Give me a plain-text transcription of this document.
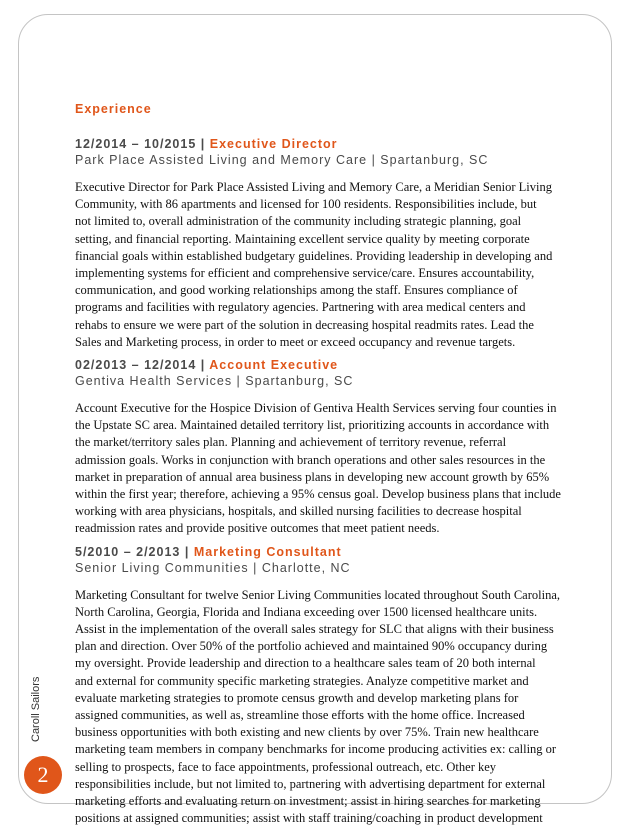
Experience
12/2014 – 10/2015 | Executive Director
Park Place Assisted Living and Memory Care | Spartanburg, SC

Executive Director for Park Place Assisted Living and Memory Care, a Meridian Senior Living
Community, with 86 apartments and licensed for 100 residents. Responsibilities include, but
not limited to, overall administration of the community including strategic planning, goal
setting, and financial reporting. Maintaining excellent service quality by meeting corporate
financial goals within established budgetary guidelines. Providing leadership in developing and
implementing systems for efficient and comprehensive service/care. Ensures accountability,
communication, and good working relationships among the staff. Ensures compliance of
programs and facilities with regulatory agencies. Partnering with area medical centers and
rehabs to ensure we were part of the solution in decreasing hospital readmits rates. Lead the
Sales and Marketing process, in order to meet or exceed occupancy and revenue targets.

02/2013 – 12/2014 | Account Executive
Gentiva Health Services | Spartanburg, SC

Account Executive for the Hospice Division of Gentiva Health Services serving four counties in
the Upstate SC area. Maintained detailed territory list, prioritizing accounts in accordance with
the market/territory sales plan. Planning and achievement of territory revenue, referral
admission goals. Works in conjunction with branch operations and other sales resources in the
market in preparation of annual area business plans in developing new account growth by 65%
within the first year; therefore, achieving a 95% census goal. Develop business plans that include
working with area physicians, hospitals, and skilled nursing facilities to decrease hospital
readmission rates and provide positive outcomes that meet patient needs.

5/2010 – 2/2013 | Marketing Consultant
Senior Living Communities | Charlotte, NC

Marketing Consultant for twelve Senior Living Communities located throughout South Carolina,
North Carolina, Georgia, Florida and Indiana exceeding over 1500 licensed healthcare units.
Assist in the implementation of the overall sales strategy for SLC that aligns with their business
plan and direction. Over 50% of the portfolio achieved and maintained 90% occupancy during
my oversight. Provide leadership and direction to a healthcare sales team of 20 both internal
and external for community specific marketing strategies. Analyze competitive market and
evaluate marketing strategies to promote census growth and develop marketing plans for
assigned communities, as well as, streamline those efforts with the home office. Increased
business opportunities with both existing and new clients by over 75%. Train new healthcare
marketing team members in company benchmarks for income producing activities ex: calling or
selling to prospects, face to face appointments, professional outreach, etc. Other key
responsibilities include, but not limited to, partnering with advertising department for external
marketing efforts and evaluating return on investment; assist in hiring searches for marketing
positions at assigned communities; assist with staff training/coaching in product development

Caroll Sailors
2
